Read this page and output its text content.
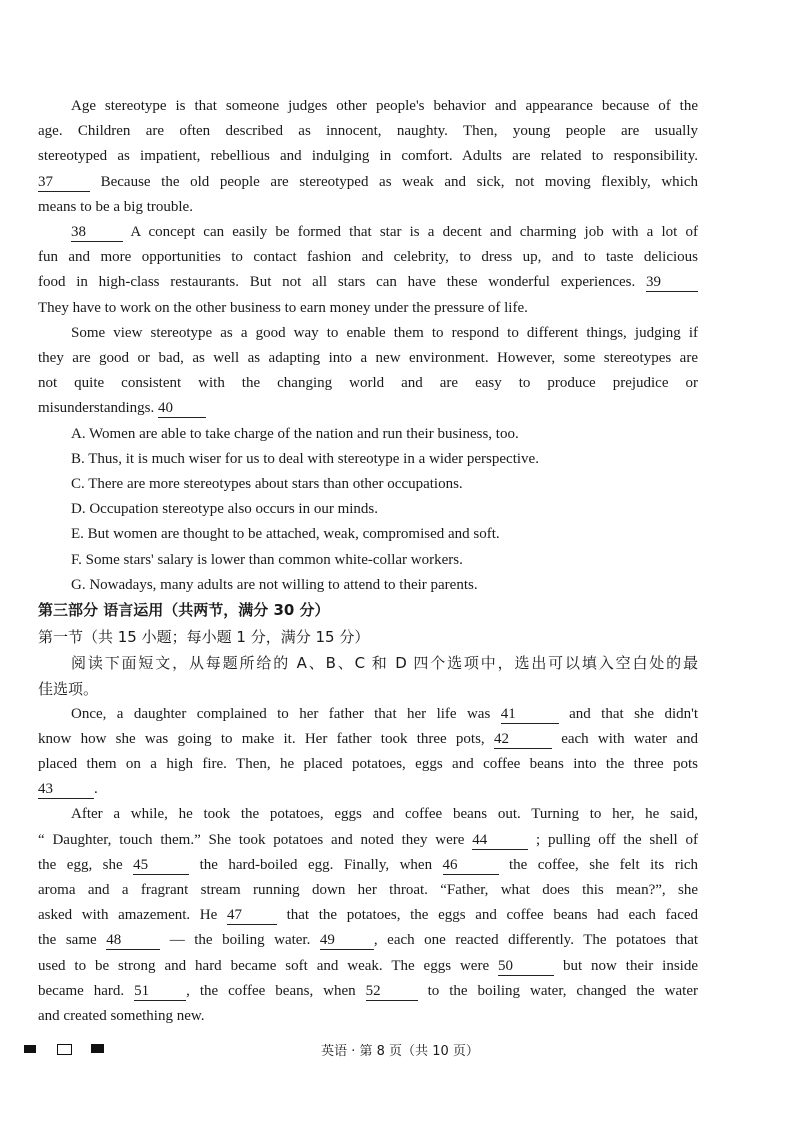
Age stereotype is that someone judges other people's behavior and appearance because of the
age. Children are often described as innocent, naughty. Then, young people are usually
stereotyped as impatient, rebellious and indulging in comfort. Adults are related to responsibility.
37	Because the old people are stereotyped as weak and sick, not moving flexibly, which
means to be a big trouble.
38	A concept can easily be formed that star is a decent and charming job with a lot of
fun and more opportunities to contact fashion and celebrity, to dress up, and to taste delicious
food in high-class restaurants. But not all stars can have these wonderful experiences. 39
They have to work on the other business to earn money under the pressure of life.
Some view stereotype as a good way to enable them to respond to different things, judging if
they are good or bad, as well as adapting into a new environment. However, some stereotypes are
not quite consistent with the changing world and are easy to produce prejudice or
misunderstandings. 40
A. Women are able to take charge of the nation and run their business, too.
B. Thus, it is much wiser for us to deal with stereotype in a wider perspective.
C. There are more stereotypes about stars than other occupations.
D. Occupation stereotype also occurs in our minds.
E. But women are thought to be attached, weak, compromised and soft.
F. Some stars' salary is lower than common white-collar workers.
G. Nowadays, many adults are not willing to attend to their parents.
第三部分 语言运用（共两节，满分 30 分）
第一节（共 15 小题；每小题 1 分，满分 15 分）
阅读下面短文，从每题所给的 A、B、C 和 D 四个选项中，选出可以填入空白处的最
佳选项。
Once, a daughter complained to her father that her life was 41	and that she didn't
know how she was going to make it. Her father took three pots, 42	each with water and
placed them on a high fire. Then, he placed potatoes, eggs and coffee beans into the three pots
43	.
After a while, he took the potatoes, eggs and coffee beans out. Turning to her, he said,
“ Daughter, touch them.” She took potatoes and noted they were 44	; pulling off the shell of
the egg, she 45	the hard-boiled egg. Finally, when 46	the coffee, she felt its rich
aroma and a fragrant stream running down her throat. “Father, what does this mean?”, she
asked with amazement. He 47	that the potatoes, the eggs and coffee beans had each faced
the same 48	— the boiling water. 49	, each one reacted differently. The potatoes that
used to be strong and hard became soft and weak. The eggs were 50	but now their inside
became hard. 51 , the coffee beans, when 52	to the boiling water, changed the water
and created something new.
英语 · 第 8 页（共 10 页）
